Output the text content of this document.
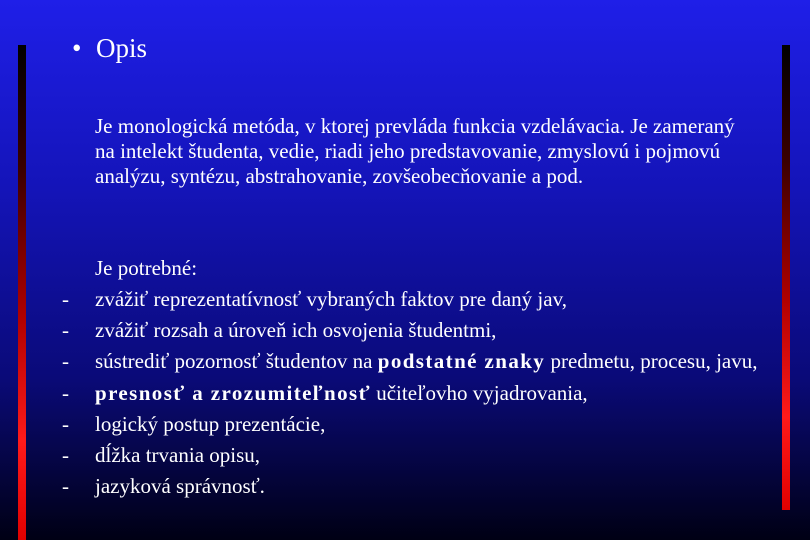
• Opis
Je monologická metóda, v ktorej prevláda funkcia vzdelávacia. Je zameraný na intelekt študenta, vedie, riadi jeho predstavovanie, zmyslovú i pojmovú analýzu, syntézu, abstrahovanie, zovšeobecňovanie a pod.
Je potrebné:
- zvážiť reprezentatívnosť vybraných faktov pre daný jav,
- zvážiť rozsah a úroveň ich osvojenia študentmi,
- sústrediť pozornosť študentov na podstatné znaky predmetu, procesu, javu,
- presnosť a zrozumiteľnosť učiteľovho vyjadrovania,
- logický postup prezentácie,
- dĺžka trvania opisu,
- jazyková správnosť.
